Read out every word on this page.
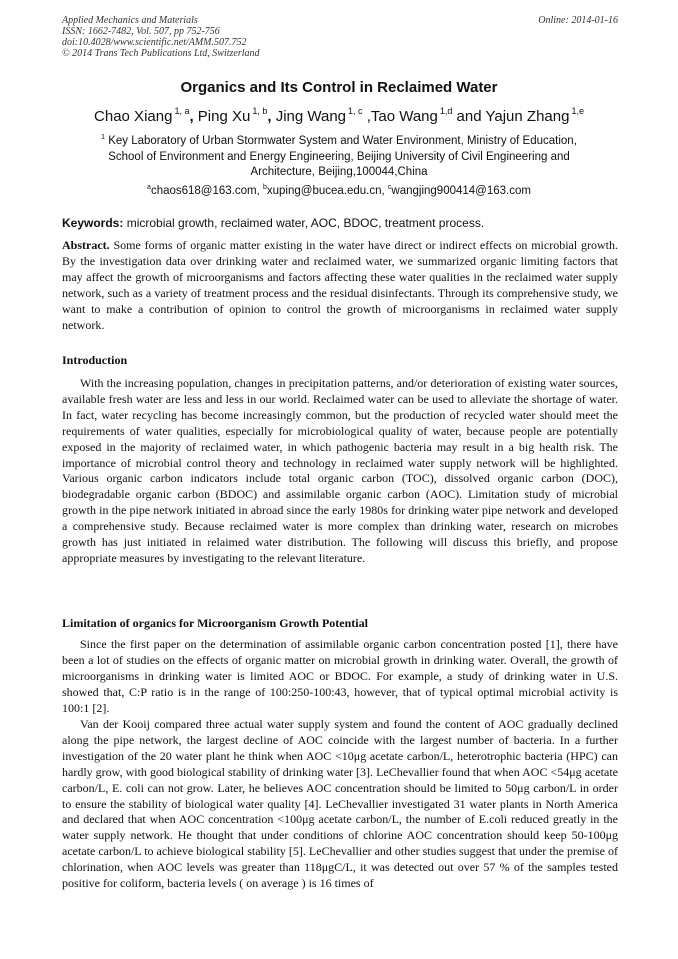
Applied Mechanics and Materials
ISSN: 1662-7482, Vol. 507, pp 752-756
doi:10.4028/www.scientific.net/AMM.507.752
© 2014 Trans Tech Publications Ltd, Switzerland
Online: 2014-01-16
Organics and Its Control in Reclaimed Water
Chao Xiang $^{1, a}$, Ping Xu $^{1, b}$, Jing Wang $^{1, c}$ ,Tao Wang $^{1,d}$ and Yajun Zhang $^{1,e}$

$^1$ Key Laboratory of Urban Stormwater System and Water Environment, Ministry of Education,

School of Environment and Energy Engineering, Beijing University of Civil Engineering and

Architecture, Beijing,100044,China

$^a$chaos618@163.com, $^b$xuping@bucea.edu.cn, $^c$wangjing900414@163.com
Keywords: microbial growth, reclaimed water, AOC, BDOC, treatment process.

Abstract. Some forms of organic matter existing in the water have direct or indirect effects on microbial growth. By the investigation data over drinking water and reclaimed water, we summarized organic limiting factors that may affect the growth of microorganisms and factors affecting these water qualities in the reclaimed water supply network, such as a variety of treatment process and the residual disinfectants. Through its comprehensive study, we want to make a contribution of opinion to control the growth of microorganisms in reclaimed water supply network.

Introduction

With the increasing population, changes in precipitation patterns, and/or deterioration of existing water sources, available fresh water are less and less in our world. Reclaimed water can be used to alleviate the shortage of water. In fact, water recycling has become increasingly common, but the production of recycled water should meet the requirements of water qualities, especially for microbiological quality of water, because people are potentially exposed in the majority of reclaimed water, in which pathogenic bacteria may result in a big health risk. The importance of microbial control theory and technology in reclaimed water supply network will be highlighted. Various organic carbon indicators include total organic carbon (TOC), dissolved organic carbon (DOC), biodegradable organic carbon (BDOC) and assimilable organic carbon (AOC). Limitation study of microbial growth in the pipe network initiated in abroad since the early 1980s for drinking water pipe network and developed a comprehensive study. Because reclaimed water is more complex than drinking water, research on microbes growth has just initiated in relaimed water distribution. The following will discuss this briefly, and propose appropriate measures by investigating to the relevant literature.

Limitation of organics for Microorganism Growth Potential

Since the first paper on the determination of assimilable organic carbon concentration posted [1], there have been a lot of studies on the effects of organic matter on microbial growth in drinking water. Overall, the growth of microorganisms in drinking water is limited AOC or BDOC. For example, a study of drinking water in U.S. showed that, C:P ratio is in the range of 100:250-100:43, however, that of typical optimal microbial activity is 100:1 [2].

Van der Kooij compared three actual water supply system and found the content of AOC gradually declined along the pipe network, the largest decline of AOC coincide with the largest number of bacteria. In a further investigation of the 20 water plant he think when AOC <10μg acetate carbon/L, heterotrophic bacteria (HPC) can hardly grow, with good biological stability of drinking water [3]. LeChevallier found that when AOC <54μg acetate carbon/L, E. coli can not grow. Later, he believes AOC concentration should be limited to 50μg carbon/L in order to ensure the stability of biological water quality [4]. LeChevallier investigated 31 water plants in North America and declared that when AOC concentration <100μg acetate carbon/L, the number of E.coli reduced greatly in the water supply network. He thought that under conditions of chlorine AOC concentration should keep 50-100μg acetate carbon/L to achieve biological stability [5]. LeChevallier and other studies suggest that under the premise of chlorination, when AOC levels was greater than 118μgC/L, it was detected out over 57 % of the samples tested positive for coliform, bacteria levels ( on average ) is 16 times of
